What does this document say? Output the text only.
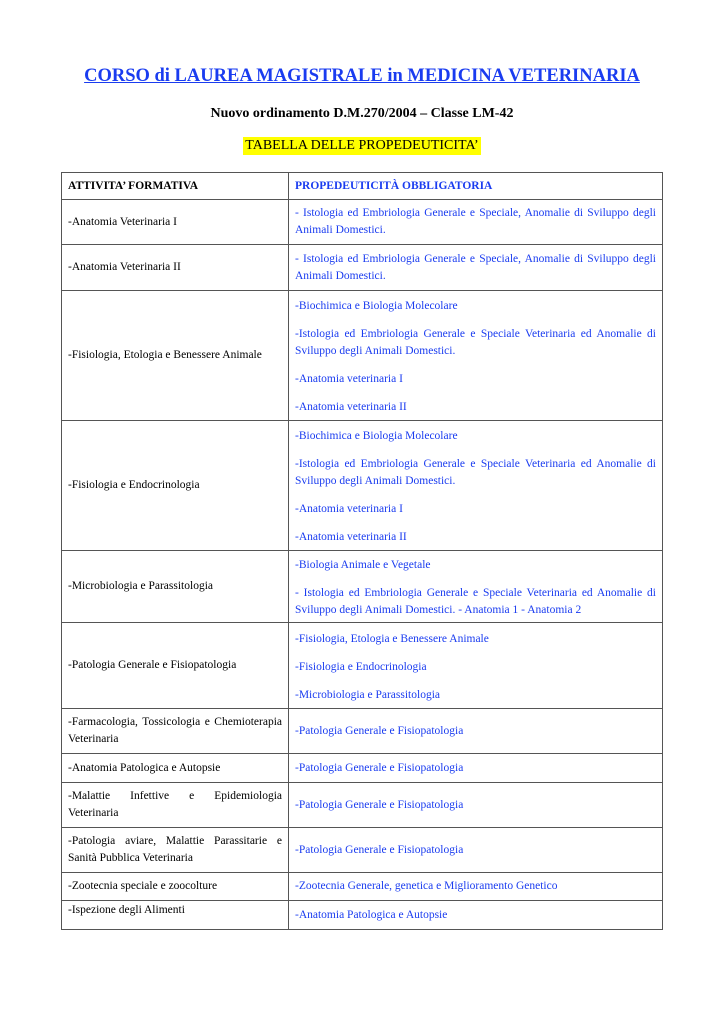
CORSO di LAUREA MAGISTRALE in MEDICINA VETERINARIA
Nuovo ordinamento D.M.270/2004 – Classe LM-42
TABELLA DELLE PROPEDEUTICITA’
ATTIVITA’ FORMATIVA	PROPEDEUTICITÀ OBBLIGATORIA
-Anatomia Veterinaria I	- Istologia ed Embriologia Generale e Speciale, Anomalie di Sviluppo degli Animali Domestici.

-Anatomia Veterinaria II	- Istologia ed Embriologia Generale e Speciale, Anomalie di Sviluppo degli Animali Domestici.

-Fisiologia, Etologia e Benessere Animale	-Biochimica e Biologia Molecolare
-Istologia ed Embriologia Generale e Speciale Veterinaria ed Anomalie di Sviluppo degli Animali Domestici.
-Anatomia veterinaria I
-Anatomia veterinaria II

-Fisiologia e Endocrinologia	-Biochimica e Biologia Molecolare
-Istologia ed Embriologia Generale e Speciale Veterinaria ed Anomalie di Sviluppo degli Animali Domestici.
-Anatomia veterinaria I
-Anatomia veterinaria II

-Microbiologia e Parassitologia	-Biologia Animale e Vegetale
- Istologia ed Embriologia Generale e Speciale Veterinaria ed Anomalie di Sviluppo degli Animali Domestici. - Anatomia 1 - Anatomia 2

-Patologia Generale e Fisiopatologia	-Fisiologia, Etologia e Benessere Animale
-Fisiologia e Endocrinologia
-Microbiologia e Parassitologia

-Farmacologia, Tossicologia e Chemioterapia Veterinaria	-Patologia Generale e Fisiopatologia

-Anatomia Patologica e Autopsie	-Patologia Generale e Fisiopatologia

-Malattie Infettive e Epidemiologia Veterinaria	-Patologia Generale e Fisiopatologia

-Patologia aviare, Malattie Parassitarie e Sanità Pubblica Veterinaria	-Patologia Generale e Fisiopatologia

-Zootecnia speciale e zoocolture	-Zootecnia Generale, genetica e Miglioramento Genetico

-Ispezione degli Alimenti	-Anatomia Patologica e Autopsie
